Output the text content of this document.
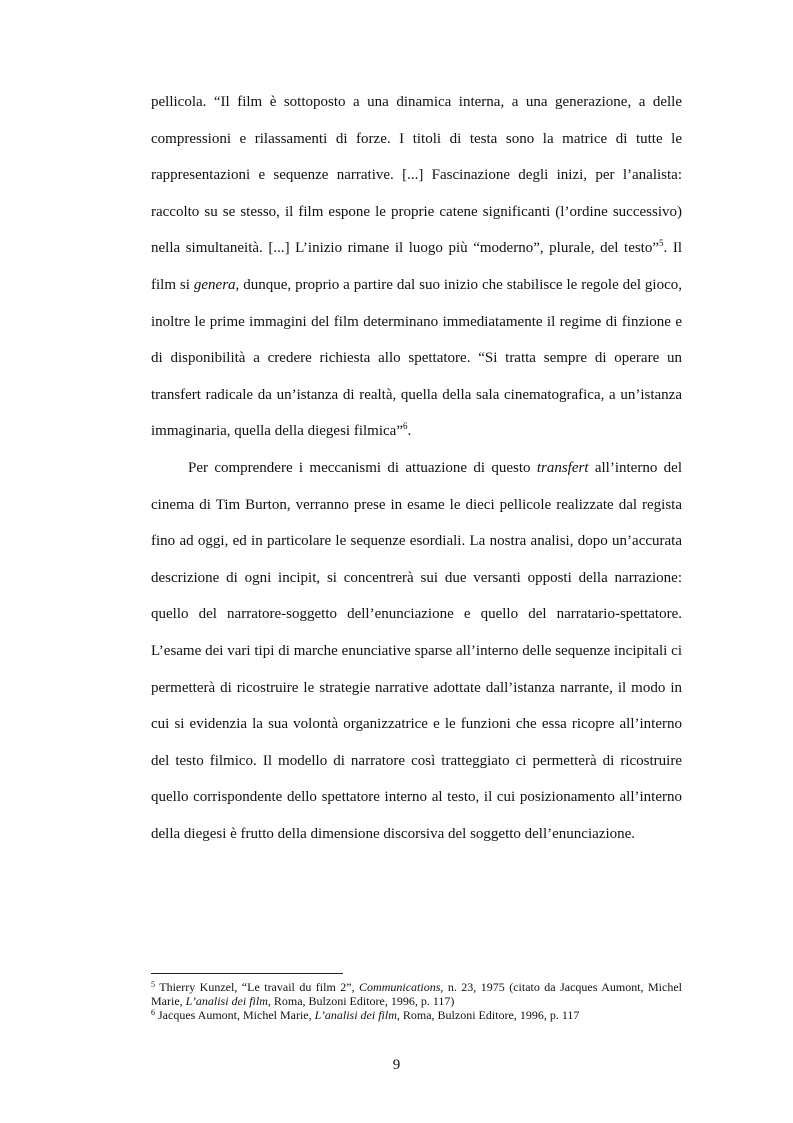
pellicola. “Il film è sottoposto a una dinamica interna, a una generazione, a delle compressioni e rilassamenti di forze. I titoli di testa sono la matrice di tutte le rappresentazioni e sequenze narrative. [...] Fascinazione degli inizi, per l’analista: raccolto su se stesso, il film espone le proprie catene significanti (l’ordine successivo) nella simultaneità. [...] L’inizio rimane il luogo più “moderno”, plurale, del testo”$^5$. Il film si genera, dunque, proprio a partire dal suo inizio che stabilisce le regole del gioco, inoltre le prime immagini del film determinano immediatamente il regime di finzione e di disponibilità a credere richiesta allo spettatore. “Si tratta sempre di operare un transfert radicale da un’istanza di realtà, quella della sala cinematografica, a un’istanza immaginaria, quella della diegesi filmica”$^6$.

Per comprendere i meccanismi di attuazione di questo transfert all’interno del cinema di Tim Burton, verranno prese in esame le dieci pellicole realizzate dal regista fino ad oggi, ed in particolare le sequenze esordiali. La nostra analisi, dopo un’accurata descrizione di ogni incipit, si concentrerà sui due versanti opposti della narrazione: quello del narratore-soggetto dell’enunciazione e quello del narratario-spettatore. L’esame dei vari tipi di marche enunciative sparse all’interno delle sequenze incipitali ci permetterà di ricostruire le strategie narrative adottate dall’istanza narrante, il modo in cui si evidenzia la sua volontà organizzatrice e le funzioni che essa ricopre all’interno del testo filmico. Il modello di narratore così tratteggiato ci permetterà di ricostruire quello corrispondente dello spettatore interno al testo, il cui posizionamento all’interno della diegesi è frutto della dimensione discorsiva del soggetto dell’enunciazione.

$^5$ Thierry Kunzel, “Le travail du film 2”, Communications, n. 23, 1975 (citato da Jacques Aumont, Michel Marie, L’analisi dei film, Roma, Bulzoni Editore, 1996, p. 117)

$^6$ Jacques Aumont, Michel Marie, L’analisi dei film, Roma, Bulzoni Editore, 1996, p. 117

9
